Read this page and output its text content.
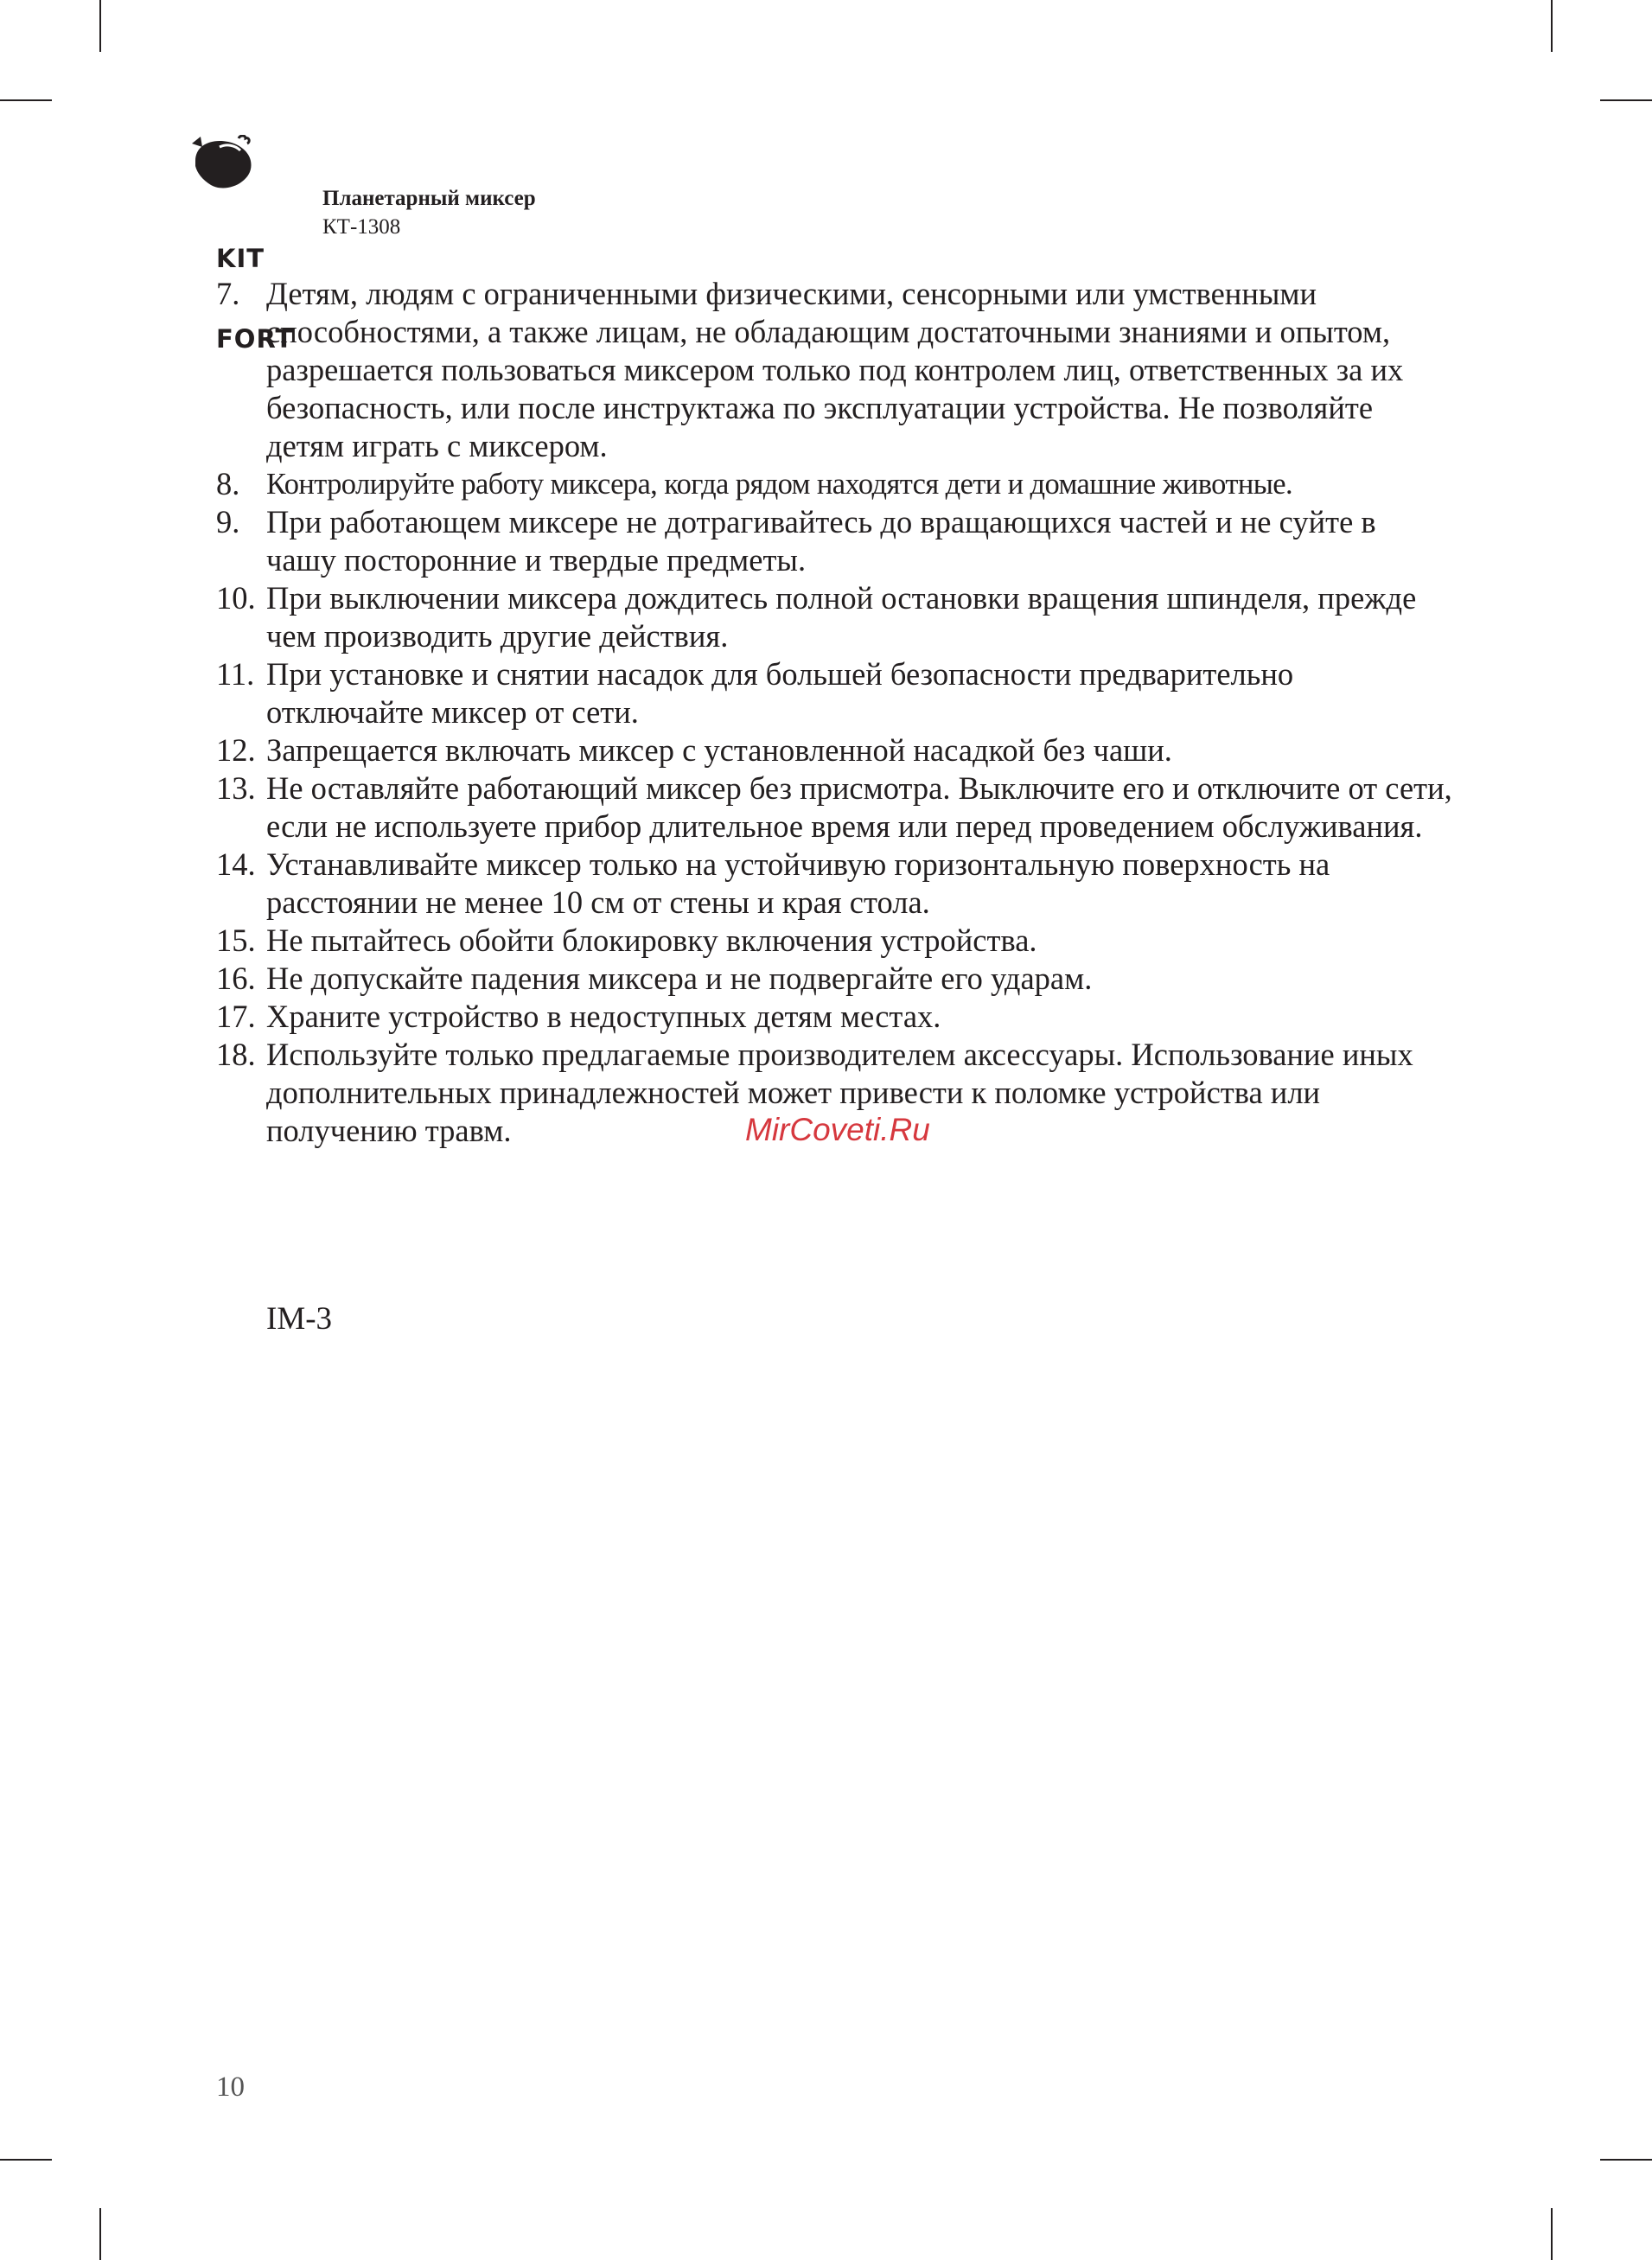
KIT

FORT

Планетарный миксер
КТ-1308
7. Детям, людям с ограниченными физическими, сенсорными или умственными способностями, а также лицам, не обладающим достаточными знаниями и опытом, разрешается пользоваться миксером только под контролем лиц, ответственных за их безопасность, или после инструктажа по эксплуатации устройства. Не позволяйте детям играть с миксером.
8. Контролируйте работу миксера, когда рядом находятся дети и домашние животные.
9. При работающем миксере не дотрагивайтесь до вращающихся частей и не суйте в чашу посторонние и твердые предметы.
10. При выключении миксера дождитесь полной остановки вращения шпинделя, прежде чем производить другие действия.
11. При установке и снятии насадок для большей безопасности предварительно отключайте миксер от сети.
12. Запрещается включать миксер с установленной насадкой без чаши.
13. Не оставляйте работающий миксер без присмотра. Выключите его и отключите от сети, если не используете прибор длительное время или перед проведением обслуживания.
14. Устанавливайте миксер только на устойчивую горизонтальную поверхность на расстоянии не менее 10 см от стены и края стола.
15. Не пытайтесь обойти блокировку включения устройства.
16. Не допускайте падения миксера и не подвергайте его ударам.
17. Храните устройство в недоступных детям местах.
18. Используйте только предлагаемые производителем аксессуары. Использование иных дополнительных принадлежностей может привести к поломке устройства или получению травм.	MirCoveti.Ru
IM-3
10
